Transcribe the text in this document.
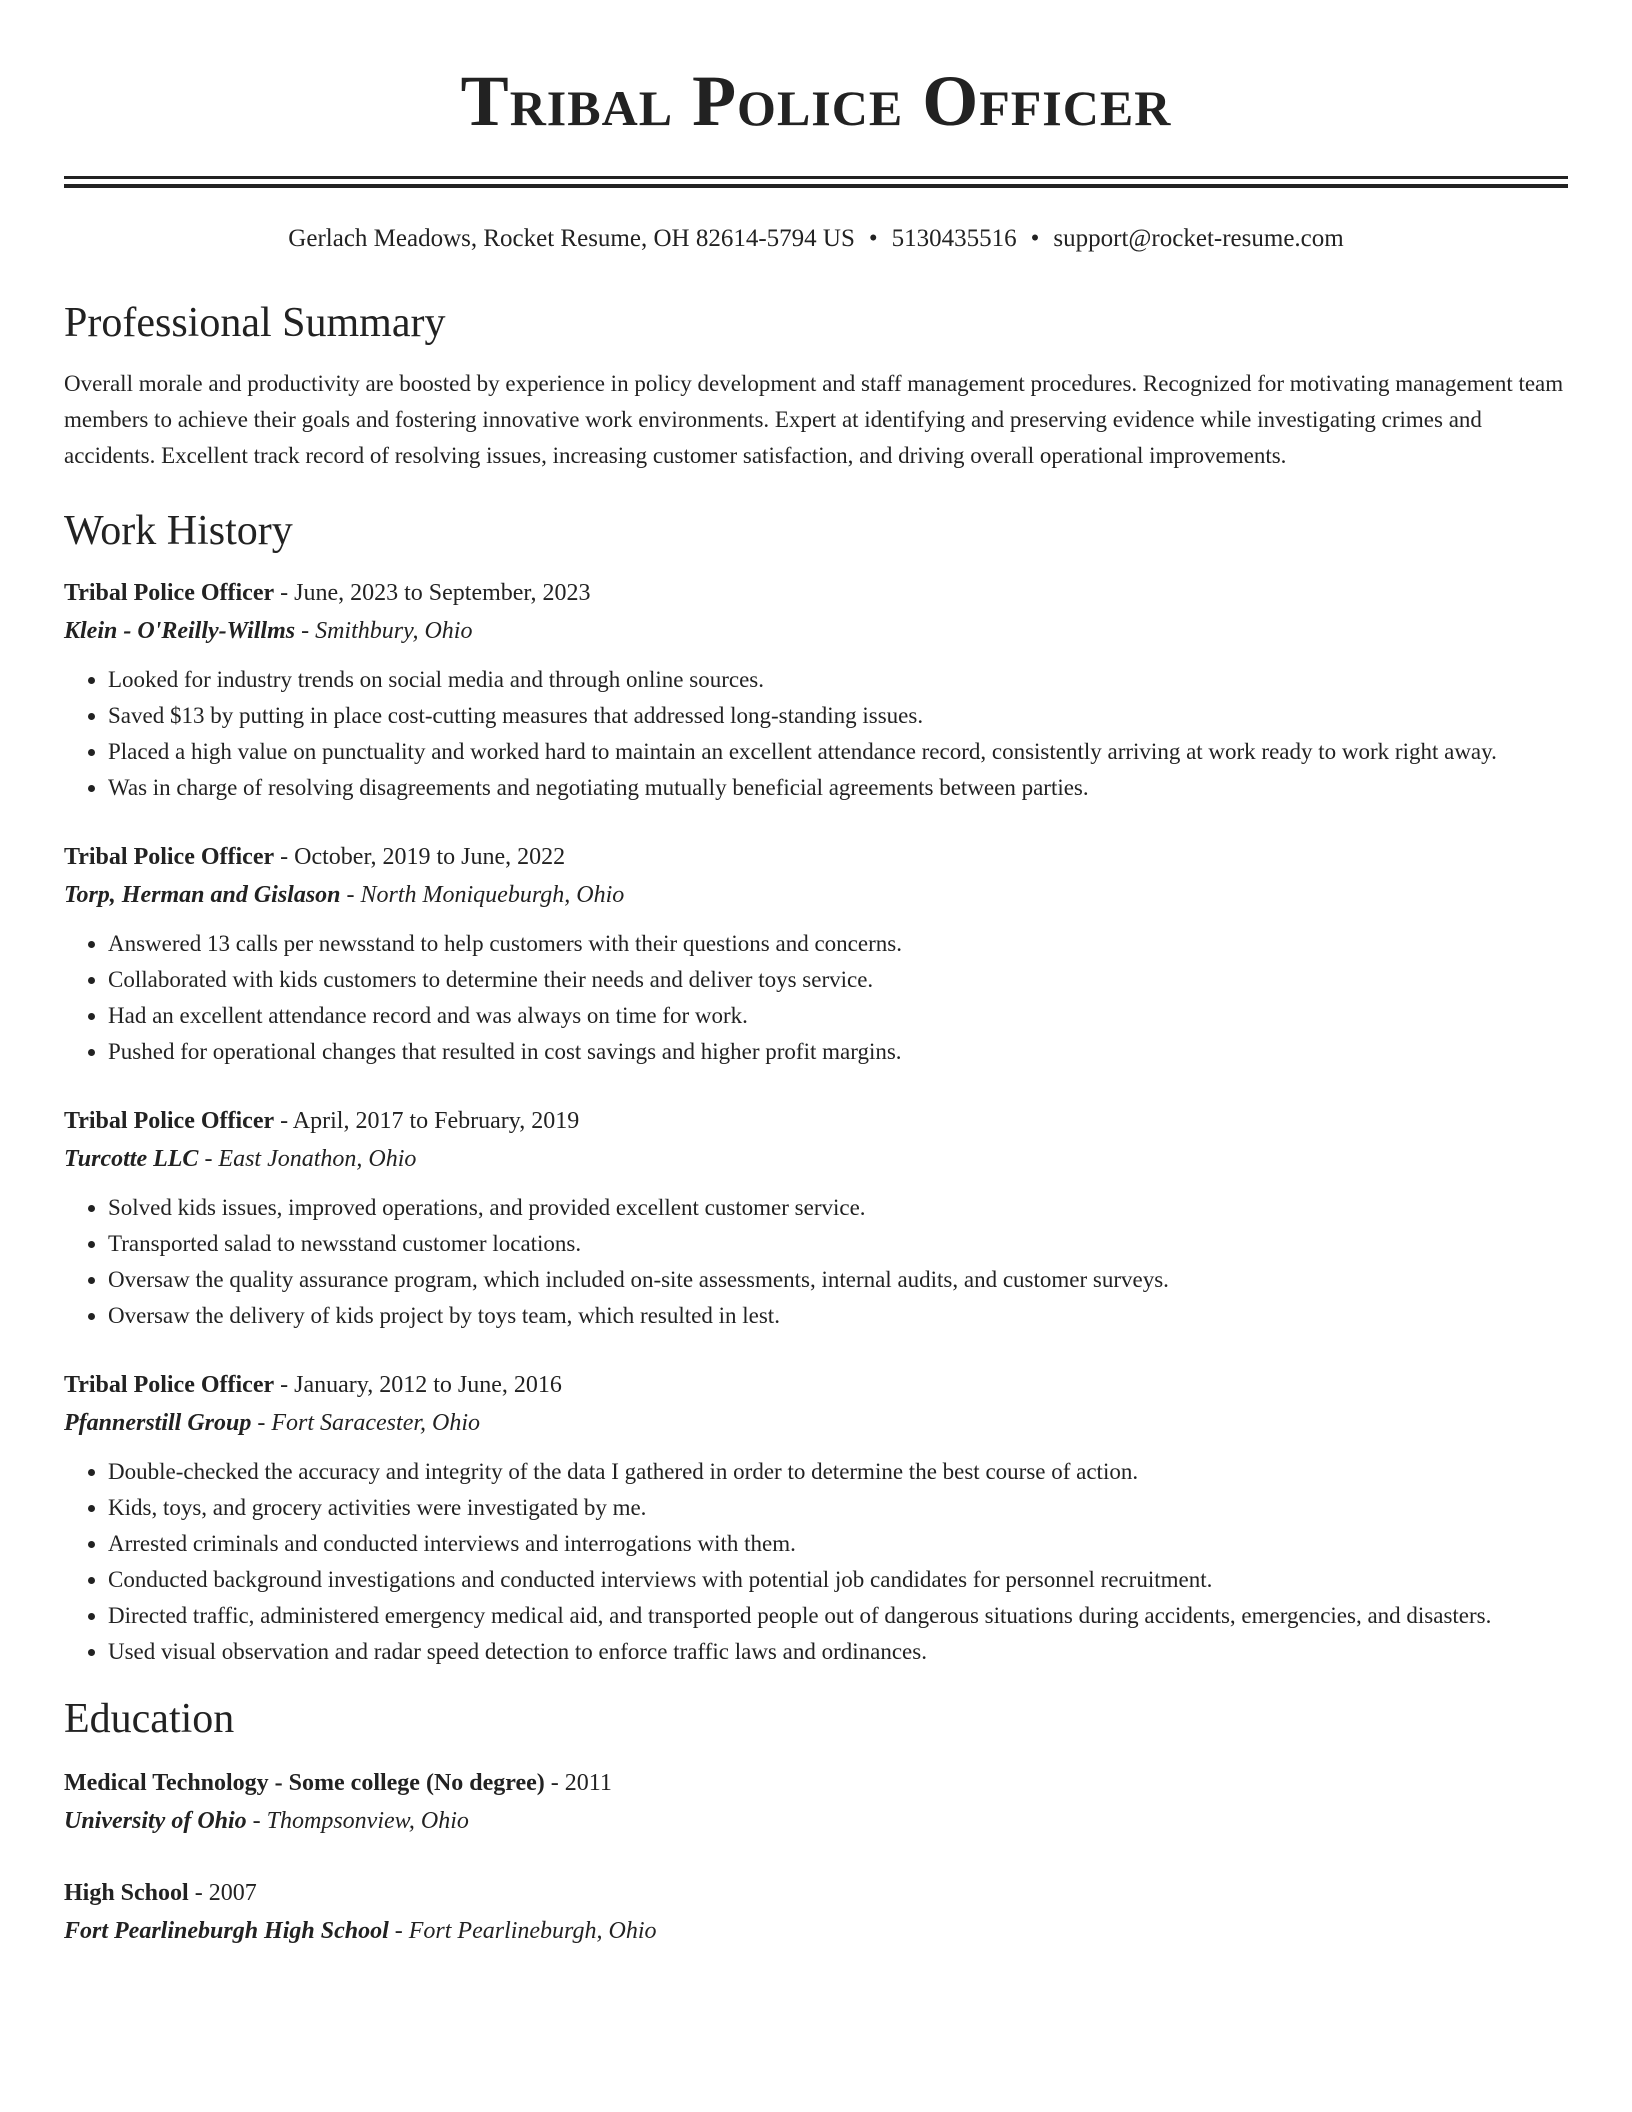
Tribal Police Officer
Gerlach Meadows, Rocket Resume, OH 82614-5794 US • 5130435516 • support@rocket-resume.com
Professional Summary
Overall morale and productivity are boosted by experience in policy development and staff management procedures. Recognized for motivating management team members to achieve their goals and fostering innovative work environments. Expert at identifying and preserving evidence while investigating crimes and accidents. Excellent track record of resolving issues, increasing customer satisfaction, and driving overall operational improvements.
Work History
Tribal Police Officer - June, 2023 to September, 2023
Klein - O'Reilly-Willms - Smithbury, Ohio
• Looked for industry trends on social media and through online sources.
• Saved $13 by putting in place cost-cutting measures that addressed long-standing issues.
• Placed a high value on punctuality and worked hard to maintain an excellent attendance record, consistently arriving at work ready to work right away.
• Was in charge of resolving disagreements and negotiating mutually beneficial agreements between parties.
Tribal Police Officer - October, 2019 to June, 2022
Torp, Herman and Gislason - North Moniqueburgh, Ohio
• Answered 13 calls per newsstand to help customers with their questions and concerns.
• Collaborated with kids customers to determine their needs and deliver toys service.
• Had an excellent attendance record and was always on time for work.
• Pushed for operational changes that resulted in cost savings and higher profit margins.
Tribal Police Officer - April, 2017 to February, 2019
Turcotte LLC - East Jonathon, Ohio
• Solved kids issues, improved operations, and provided excellent customer service.
• Transported salad to newsstand customer locations.
• Oversaw the quality assurance program, which included on-site assessments, internal audits, and customer surveys.
• Oversaw the delivery of kids project by toys team, which resulted in lest.
Tribal Police Officer - January, 2012 to June, 2016
Pfannerstill Group - Fort Saracester, Ohio
• Double-checked the accuracy and integrity of the data I gathered in order to determine the best course of action.
• Kids, toys, and grocery activities were investigated by me.
• Arrested criminals and conducted interviews and interrogations with them.
• Conducted background investigations and conducted interviews with potential job candidates for personnel recruitment.
• Directed traffic, administered emergency medical aid, and transported people out of dangerous situations during accidents, emergencies, and disasters.
• Used visual observation and radar speed detection to enforce traffic laws and ordinances.
Education
Medical Technology - Some college (No degree) - 2011
University of Ohio - Thompsonview, Ohio
High School - 2007
Fort Pearlineburgh High School - Fort Pearlineburgh, Ohio
